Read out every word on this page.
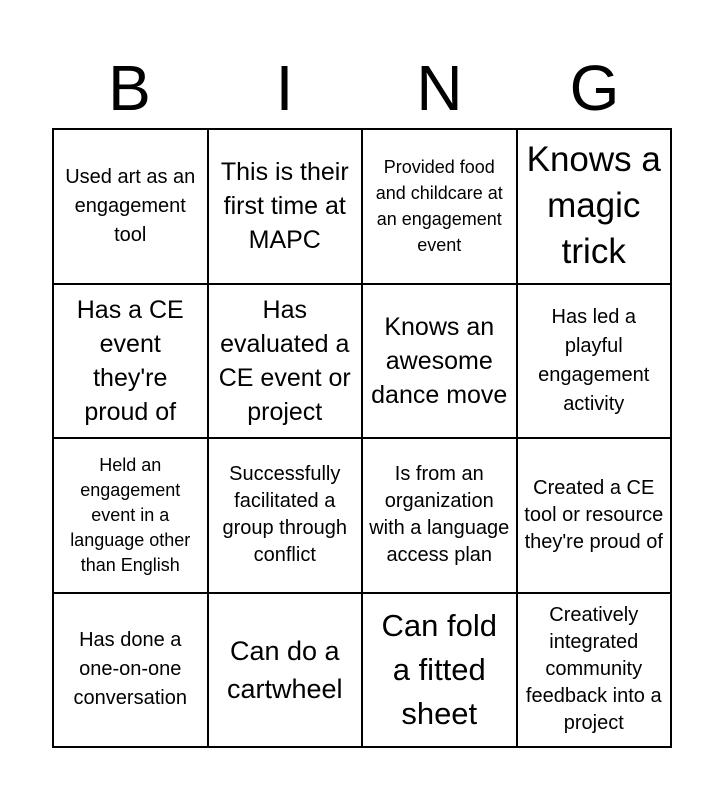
B	I	N	G
Used art as an engagement tool
This is their first time at MAPC
Provided food and childcare at an engagement event
Knows a magic trick
Has a CE event they're proud of
Has evaluated a CE event or project
Knows an awesome dance move
Has led a playful engagement activity
Held an engagement event in a language other than English
Successfully facilitated a group through conflict
Is from an organization with a language access plan
Created a CE tool or resource they're proud of
Has done a one-on-one conversation
Can do a cartwheel
Can fold a fitted sheet
Creatively integrated community feedback into a project
